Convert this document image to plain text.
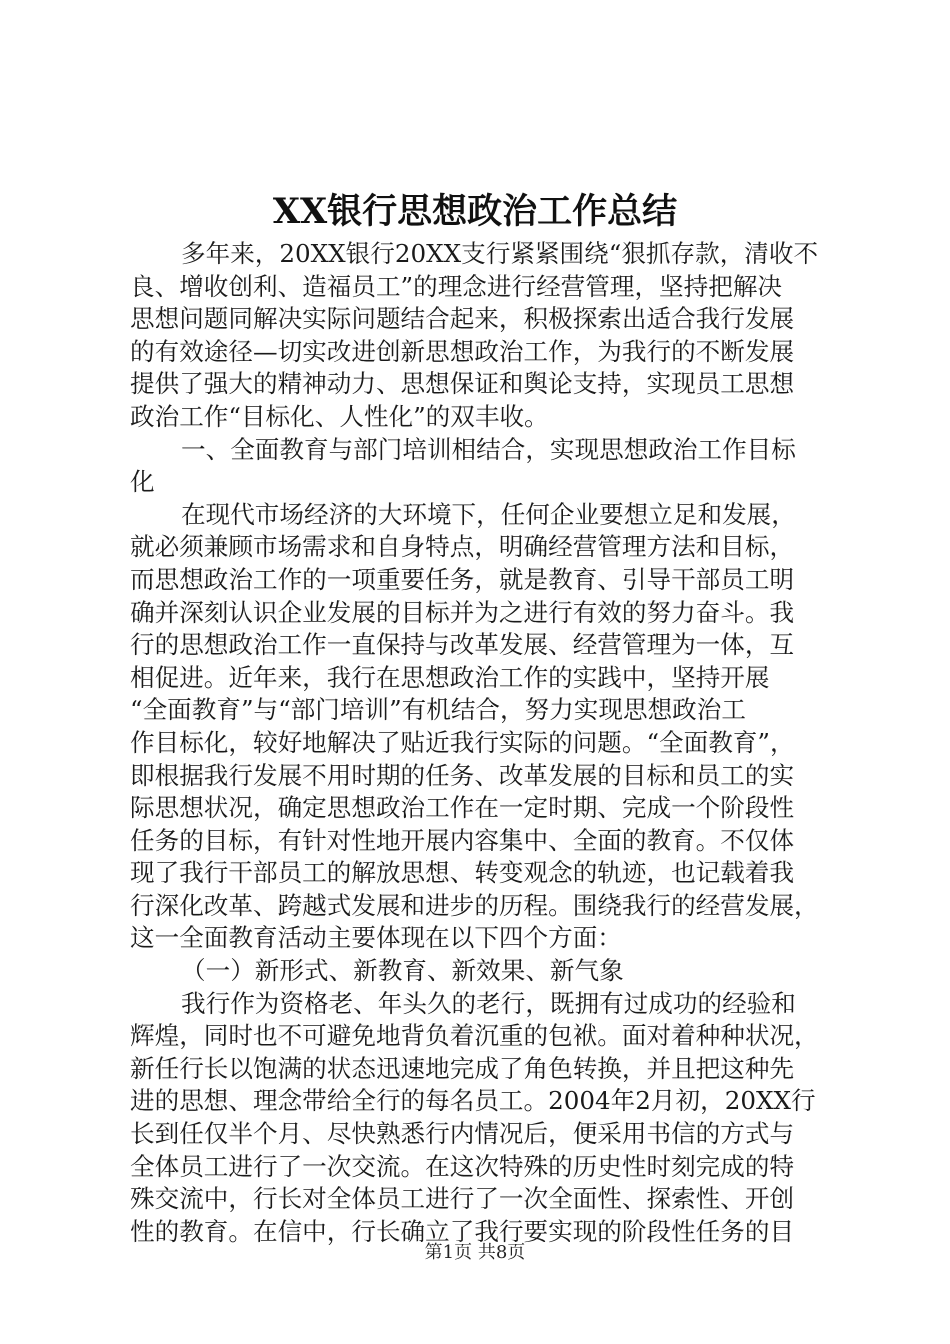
XX银行思想政治工作总结
多年来，20XX银行20XX支行紧紧围绕“狠抓存款，清收不
良、增收创利、造福员工”的理念进行经营管理，坚持把解决
思想问题同解决实际问题结合起来，积极探索出适合我行发展
的有效途径—切实改进创新思想政治工作，为我行的不断发展
提供了强大的精神动力、思想保证和舆论支持，实现员工思想
政治工作“目标化、人性化”的双丰收。
一、全面教育与部门培训相结合，实现思想政治工作目标
化
在现代市场经济的大环境下，任何企业要想立足和发展，
就必须兼顾市场需求和自身特点，明确经营管理方法和目标，
而思想政治工作的一项重要任务，就是教育、引导干部员工明
确并深刻认识企业发展的目标并为之进行有效的努力奋斗。我
行的思想政治工作一直保持与改革发展、经营管理为一体，互
相促进。近年来，我行在思想政治工作的实践中，坚持开展
“全面教育”与“部门培训”有机结合，努力实现思想政治工
作目标化，较好地解决了贴近我行实际的问题。“全面教育”，
即根据我行发展不用时期的任务、改革发展的目标和员工的实
际思想状况，确定思想政治工作在一定时期、完成一个阶段性
任务的目标，有针对性地开展内容集中、全面的教育。不仅体
现了我行干部员工的解放思想、转变观念的轨迹，也记载着我
行深化改革、跨越式发展和进步的历程。围绕我行的经营发展，
这一全面教育活动主要体现在以下四个方面：
（一）新形式、新教育、新效果、新气象
我行作为资格老、年头久的老行，既拥有过成功的经验和
辉煌，同时也不可避免地背负着沉重的包袱。面对着种种状况，
新任行长以饱满的状态迅速地完成了角色转换，并且把这种先
进的思想、理念带给全行的每名员工。2004年2月初，20XX行
长到任仅半个月、尽快熟悉行内情况后，便采用书信的方式与
全体员工进行了一次交流。在这次特殊的历史性时刻完成的特
殊交流中，行长对全体员工进行了一次全面性、探索性、开创
性的教育。在信中，行长确立了我行要实现的阶段性任务的目
第1页 共8页
